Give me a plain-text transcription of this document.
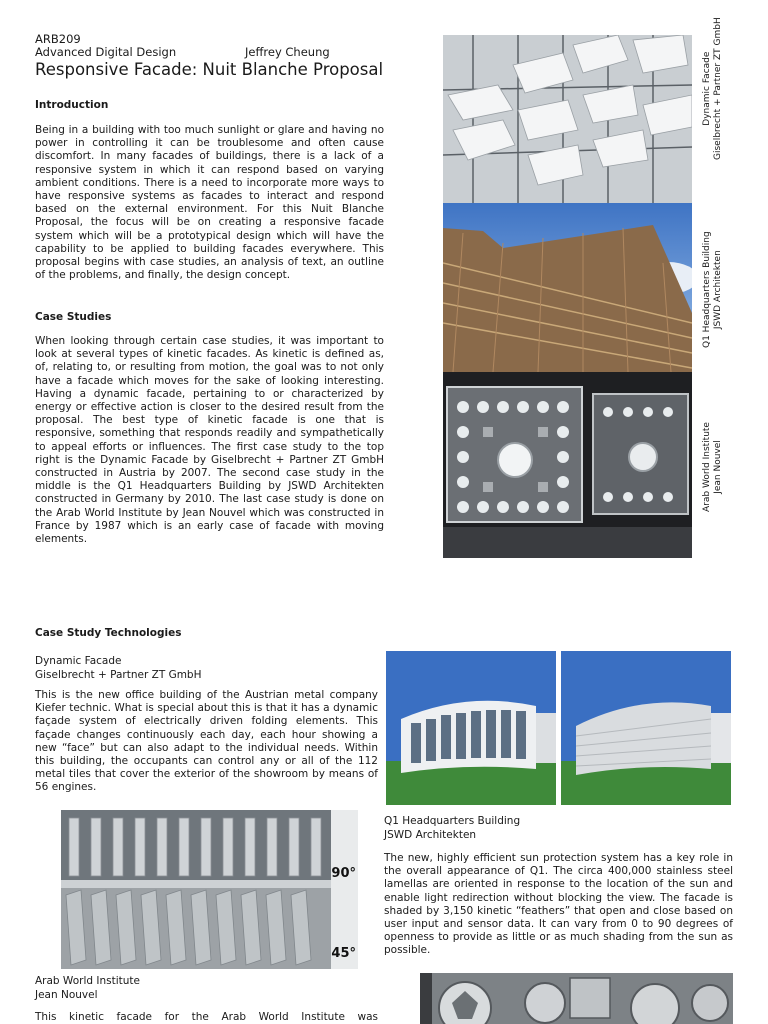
ARB209
Advanced Digital Design	Jeffrey Cheung
Responsive Facade: Nuit Blanche Proposal
Introduction
Being in a building with too much sunlight or glare and having no power in controlling it can be troublesome and often cause discomfort. In many facades of buildings, there is a lack of a responsive system in which it can respond based on varying ambient conditions. There is a need to incorporate more ways to have responsive systems as facades to interact and respond based on the external environment. For this Nuit Blanche Proposal, the focus will be on creating a responsive facade system which will be a prototypical design which will have the capability to be applied to building facades everywhere. This proposal begins with case studies, an analysis of text, an outline of the problems, and finally, the design concept.
Case Studies
When looking through certain case studies, it was important to look at several types of kinetic facades. As kinetic is defined as, of, relating to, or resulting from motion, the goal was to not only have a facade which moves for the sake of looking interesting. Having a dynamic facade, pertaining to or characterized by energy or effective action is closer to the desired result from the proposal. The best type of kinetic facade is one that is responsive, something that responds readily and sympathetically to appeal efforts or influences. The first case study to the top right is the Dynamic Facade by Giselbrecht + Partner ZT GmbH constructed in Austria by 2007. The second case study in the middle is the Q1 Headquarters Building by JSWD Architekten constructed in Germany by 2010. The last case study is done on the Arab World Institute by Jean Nouvel which was constructed in France by 1987 which is an early case of facade with moving elements.
Dynamic Facade Giselbrecht + Partner ZT GmbH
Q1 Headquarters Building JSWD Architekten
Arab World Institute Jean Nouvel
Case Study Technologies
Dynamic Facade
Giselbrecht + Partner ZT GmbH
This is the new office building of the Austrian metal company Kiefer technic. What is special about this is that it has a dynamic façade system of electrically driven folding elements. This façade changes continuously each day, each hour showing a new “face” but can also adapt to the individual needs. Within this building, the occupants can control any or all of the 112 metal tiles that cover the exterior of the showroom by means of 56 engines.
90°
45°
Q1 Headquarters Building
JSWD Architekten
The new, highly efficient sun protection system has a key role in the overall appearance of Q1. The circa 400,000 stainless steel lamellas are oriented in response to the location of the sun and enable light redirection without blocking the view. The facade is shaded by 3,150 kinetic “feathers” that open and close based on user input and sensor data. It can vary from 0 to 90 degrees of openness to provide as little or as much shading from the sun as possible.
Arab World Institute
Jean Nouvel
This kinetic facade for the Arab World Institute was
